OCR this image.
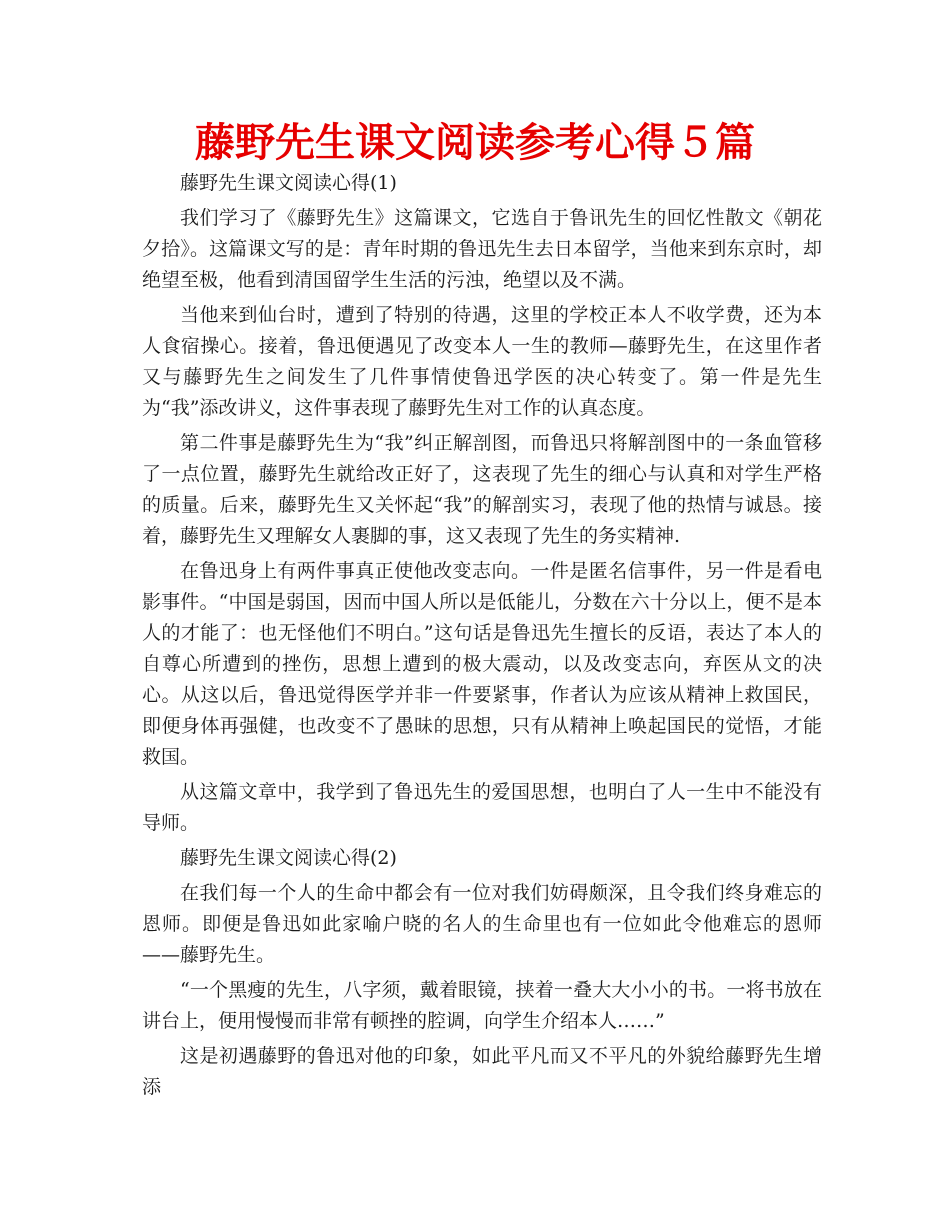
藤野先生课文阅读参考心得５篇

藤野先生课文阅读心得(1)

我们学习了《藤野先生》这篇课文，它选自于鲁讯先生的回忆性散文《朝花夕拾》。这篇课文写的是：青年时期的鲁迅先生去日本留学，当他来到东京时，却绝望至极，他看到清国留学生生活的污浊，绝望以及不满。

当他来到仙台时，遭到了特别的待遇，这里的学校正本人不收学费，还为本人食宿操心。接着，鲁迅便遇见了改变本人一生的教师—藤野先生，在这里作者又与藤野先生之间发生了几件事情使鲁迅学医的决心转变了。第一件是先生为“我”添改讲义，这件事表现了藤野先生对工作的认真态度。

第二件事是藤野先生为“我”纠正解剖图，而鲁迅只将解剖图中的一条血管移了一点位置，藤野先生就给改正好了，这表现了先生的细心与认真和对学生严格的质量。后来，藤野先生又关怀起“我”的解剖实习，表现了他的热情与诚恳。接着，藤野先生又理解女人裹脚的事，这又表现了先生的务实精神.

在鲁迅身上有两件事真正使他改变志向。一件是匿名信事件，另一件是看电影事件。“中国是弱国，因而中国人所以是低能儿，分数在六十分以上，便不是本人的才能了：也无怪他们不明白。”这句话是鲁迅先生擅长的反语，表达了本人的自尊心所遭到的挫伤，思想上遭到的极大震动，以及改变志向，弃医从文的决心。从这以后，鲁迅觉得医学并非一件要紧事，作者认为应该从精神上救国民，即便身体再强健，也改变不了愚昧的思想，只有从精神上唤起国民的觉悟，才能救国。

从这篇文章中，我学到了鲁迅先生的爱国思想，也明白了人一生中不能没有导师。

藤野先生课文阅读心得(2)

在我们每一个人的生命中都会有一位对我们妨碍颇深，且令我们终身难忘的恩师。即便是鲁迅如此家喻户晓的名人的生命里也有一位如此令他难忘的恩师——藤野先生。

“一个黑瘦的先生，八字须，戴着眼镜，挟着一叠大大小小的书。一将书放在讲台上，便用慢慢而非常有顿挫的腔调，向学生介绍本人……”

这是初遇藤野的鲁迅对他的印象，如此平凡而又不平凡的外貌给藤野先生增添
